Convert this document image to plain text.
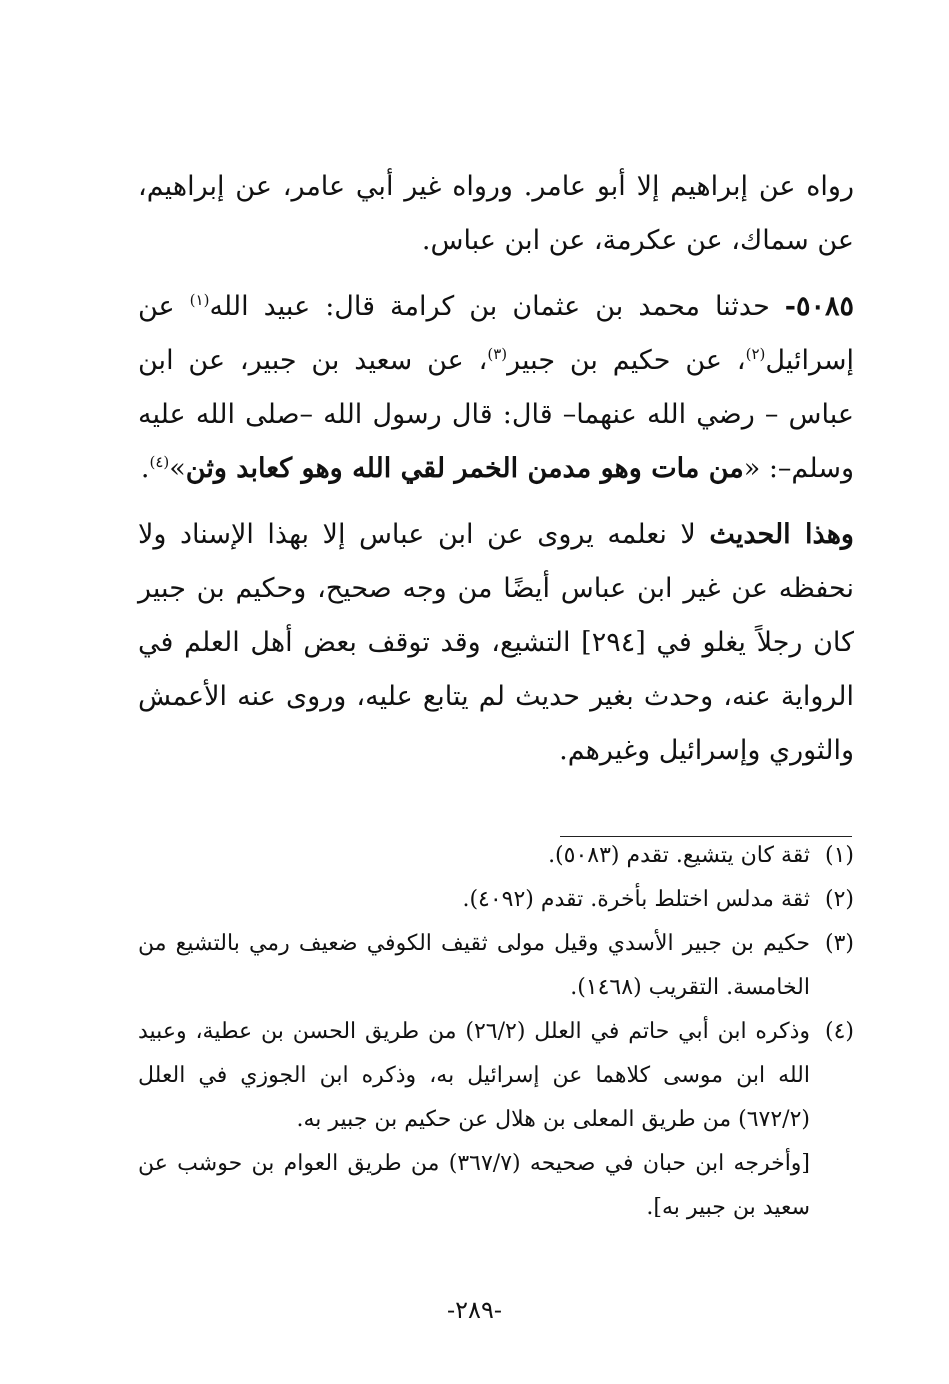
رواه عن إبراهيم إلا أبو عامر. ورواه غير أبي عامر، عن إبراهيم، عن سماك، عن عكرمة، عن ابن عباس.

٥٠٨٥- حدثنا محمد بن عثمان بن كرامة قال: عبيد الله$^{(١)}$ عن إسرائيل$^{(٢)}$، عن حكيم بن جبير$^{(٣)}$، عن سعيد بن جبير، عن ابن عباس – رضي الله عنهما– قال: قال رسول الله –صلى الله عليه وسلم–: «من مات وهو مدمن الخمر لقي الله وهو كعابد وثن»$^{(٤)}$.

وهذا الحديث لا نعلمه يروى عن ابن عباس إلا بهذا الإسناد ولا نحفظه عن غير ابن عباس أيضًا من وجه صحيح، وحكيم بن جبير كان رجلاً يغلو في [٢٩٤] التشيع، وقد توقف بعض أهل العلم في الرواية عنه، وحدث بغير حديث لم يتابع عليه، وروى عنه الأعمش والثوري وإسرائيل وغيرهم.

(١)
ثقة كان يتشيع. تقدم (٥٠٨٣).
(٢)
ثقة مدلس اختلط بأخرة. تقدم (٤٠٩٢).
(٣)
حكيم بن جبير الأسدي وقيل مولى ثقيف الكوفي ضعيف رمي بالتشيع من الخامسة. التقريب (١٤٦٨).
(٤)
وذكره ابن أبي حاتم في العلل (٢٦/٢) من طريق الحسن بن عطية، وعبيد الله ابن موسى كلاهما عن إسرائيل به، وذكره ابن الجوزي في العلل (٦٧٢/٢) من طريق المعلى بن هلال عن حكيم بن جبير به.
[وأخرجه ابن حبان في صحيحه (٣٦٧/٧) من طريق العوام بن حوشب عن سعيد بن جبير به].
-٢٨٩-
